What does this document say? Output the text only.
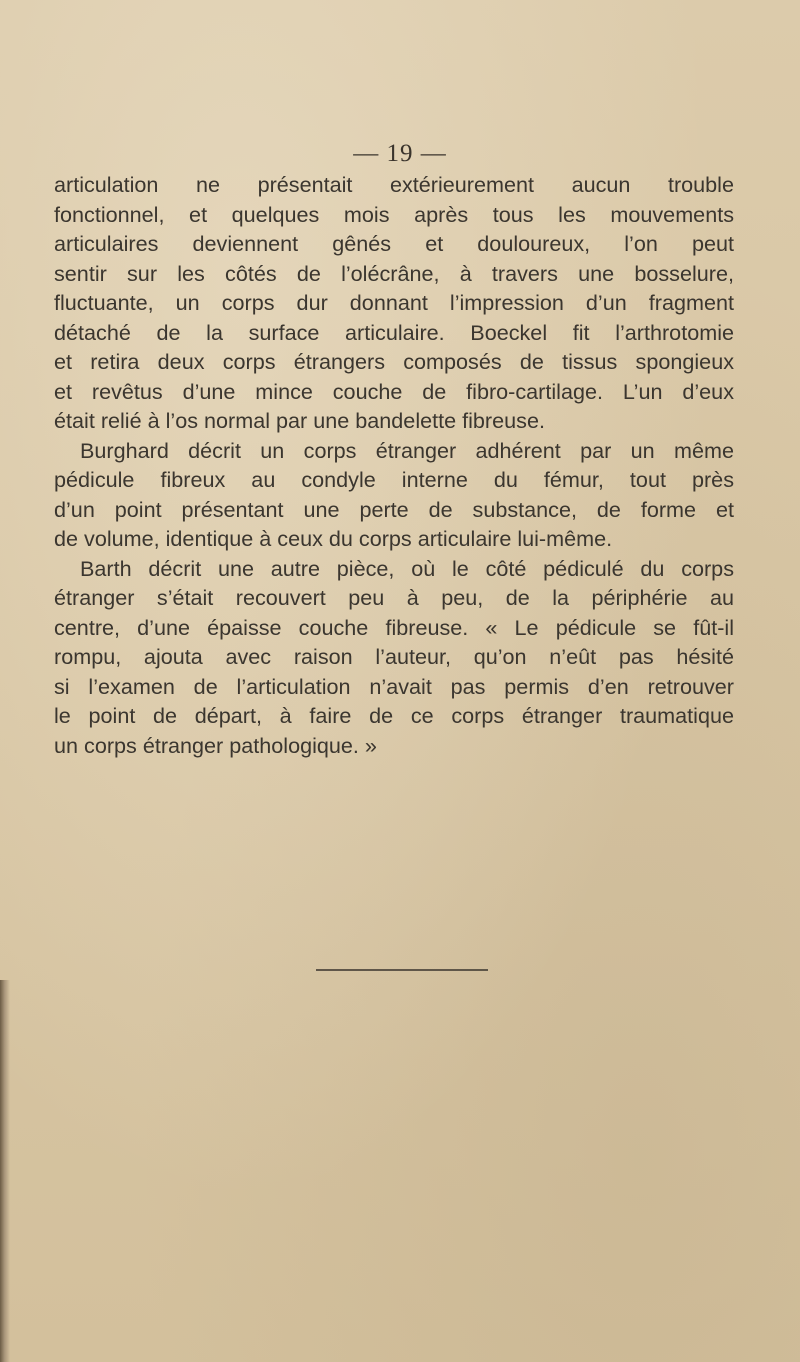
— 19 —
articulation ne présentait extérieurement aucun trouble
fonctionnel, et quelques mois après tous les mouvements
articulaires deviennent gênés et douloureux, l’on peut
sentir sur les côtés de l’olécrâne, à travers une bosselure,
fluctuante, un corps dur donnant l’impression d’un fragment
détaché de la surface articulaire. Boeckel fit l’arthrotomie
et retira deux corps étrangers composés de tissus spongieux
et revêtus d’une mince couche de fibro-cartilage. L’un d’eux
était relié à l’os normal par une bandelette fibreuse.
Burghard décrit un corps étranger adhérent par un même
pédicule fibreux au condyle interne du fémur, tout près
d’un point présentant une perte de substance, de forme et
de volume, identique à ceux du corps articulaire lui-même.
Barth décrit une autre pièce, où le côté pédiculé du corps
étranger s’était recouvert peu à peu, de la périphérie au
centre, d’une épaisse couche fibreuse. « Le pédicule se fût-il
rompu, ajouta avec raison l’auteur, qu’on n’eût pas hésité
si l’examen de l’articulation n’avait pas permis d’en retrouver
le point de départ, à faire de ce corps étranger traumatique
un corps étranger pathologique. »
